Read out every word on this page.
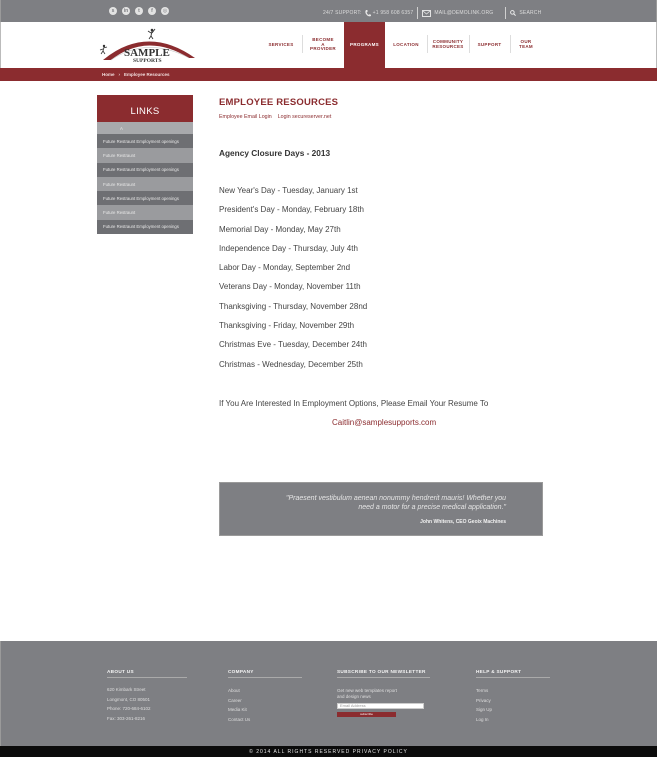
s	in	t	f	◎	24/7 SUPPORT: +1 958 608 6357	MAIL@DEMOLINK.ORG	SEARCH
SAMPLE
SUPPORTS
SERVICES
BECOME A PROVIDER
PROGRAMS	LOCATION	COMMUNITY RESOURCES	SUPPORT	OUR TEAM
Home › Employee Resources
LINKS
A
Future Restraunt Employment openings
Future Restraunt
Future Restraunt Employment openings
Future Restraunt
Future Restraunt Employment openings
Future Restraunt
Future Restraunt Employment openings
EMPLOYEE RESOURCES
Employee Email Login Login secureserver.net
Agency Closure Days - 2013
New Year's Day - Tuesday, January 1st
President's Day - Monday, February 18th
Memorial Day - Monday, May 27th
Independence Day - Thursday, July 4th
Labor Day - Monday, September 2nd
Veterans Day - Monday, November 11th
Thanksgiving - Thursday, November 28nd
Thanksgiving - Friday, November 29th
Christmas Eve - Tuesday, December 24th
Christmas - Wednesday, December 25th
If You Are Interested In Employment Options, Please Email Your Resume To
Caitlin@samplesupports.com
"Praesent vestibulum aenean nonummy hendrerit mauris! Whether you
need a motor for a precise medical application."
John Whitens, CEO Geoix Machines
ABOUT US
620 Kimbark Street
Longmont, CO 80501
Phone: 720-684-6102
Fax: 303-261-8216
COMPANY
About
Career
Media Kit
Contact Us
SUBSCRIBE TO OUR NEWSLETTER
Get new web templates report
and design news
Email Address
subscribe
HELP & SUPPORT
Terms
Privacy
Sign Up
Log In
© 2014 ALL RIGHTS RESERVED PRIVACY POLICY
